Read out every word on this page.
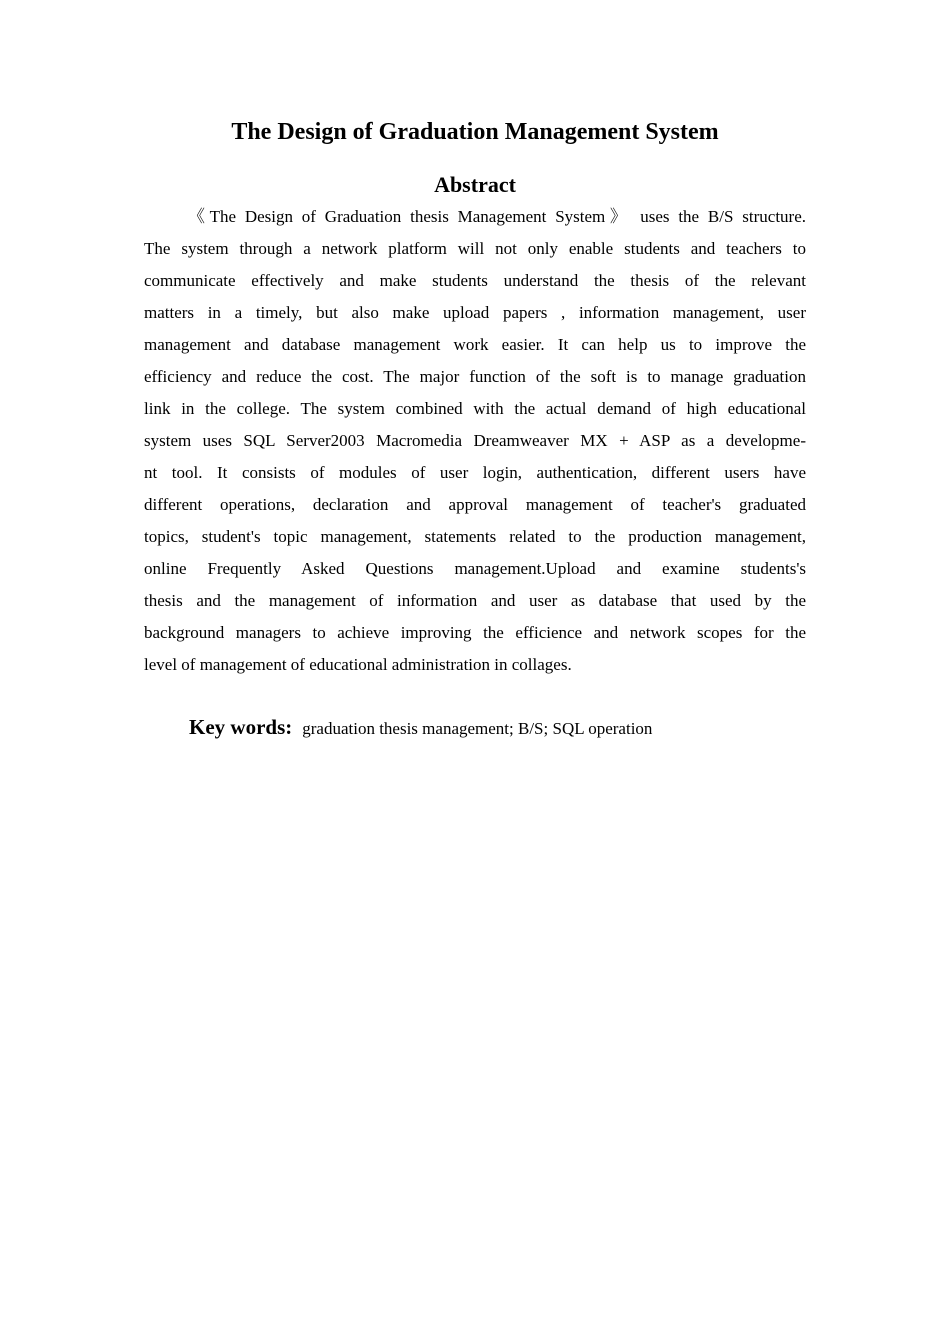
The Design of Graduation Management System
Abstract
《The Design of Graduation thesis Management System》 uses the B/S structure.
The system through a network platform will not only enable students and teachers to
communicate effectively and make students understand the thesis of the relevant
matters in a timely, but also make upload papers , information management, user
management and database management work easier. It can help us to improve the
efficiency and reduce the cost. The major function of the soft is to manage graduation
link in the college. The system combined with the actual demand of high educational
system uses SQL Server2003 Macromedia Dreamweaver MX + ASP as a developme-
nt tool. It consists of modules of user login, authentication, different users have
different operations, declaration and approval management of teacher's graduated
topics, student's topic management, statements related to the production management,
online Frequently Asked Questions management.Upload and examine students's
thesis and the management of information and user as database that used by the
background managers to achieve improving the efficience and network scopes for the
level of management of educational administration in collages.
Key words: graduation thesis management; B/S; SQL operation
